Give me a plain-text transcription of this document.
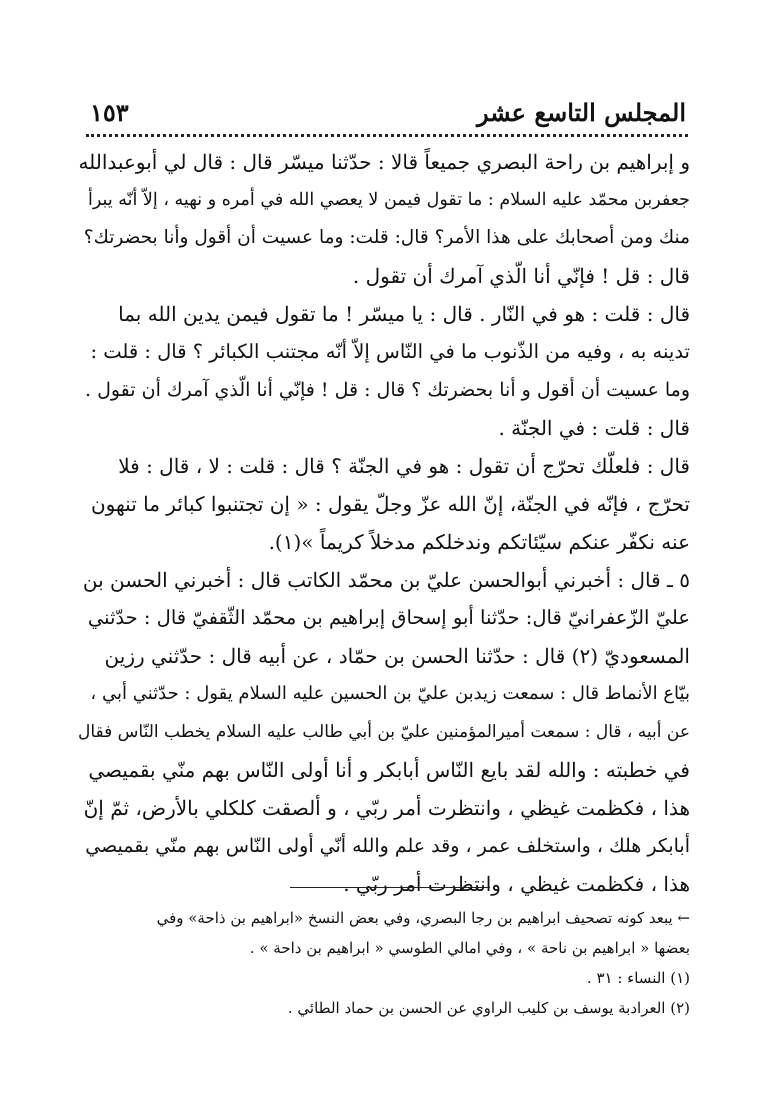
المجلس التاسع عشر
١٥٣
و إبراهيم بن راحة البصري جميعاً قالا : حدّثنا ميسّر قال : قال لي أبوعبدالله
جعفربن محمّد عليه السلام : ما تقول فيمن لا يعصي الله في أمره و نهيه ، إلاّ أنّه يبرأ
منك ومن أصحابك على هذا الأمر؟ قال: قلت: وما عسيت أن أقول وأنا بحضرتك؟
قال : قل ! فإنّي أنا الّذي آمرك أن تقول .
قال : قلت : هو في النّار . قال : يا ميسّر ! ما تقول فيمن يدين الله بما
تدينه به ، وفيه من الذّنوب ما في النّاس إلاّ أنّه مجتنب الكبائر ؟ قال : قلت :
وما عسيت أن أقول و أنا بحضرتك ؟ قال : قل ! فإنّي أنا الّذي آمرك أن تقول .
قال : قلت : في الجنّة .
قال : فلعلّك تحرّج أن تقول : هو في الجنّة ؟ قال : قلت : لا ، قال : فلا
تحرّج ، فإنّه في الجنّة، إنّ الله عزّ وجلّ يقول : « إن تجتنبوا كبائر ما تنهون
عنه نكفّر عنكم سيّئاتكم وندخلكم مدخلاً كريماً »(١).
٥ ـ قال : أخبرني أبوالحسن عليّ بن محمّد الكاتب قال : أخبرني الحسن بن
عليّ الزّعفرانيّ قال: حدّثنا أبو إسحاق إبراهيم بن محمّد الثّقفيّ قال : حدّثني
المسعوديّ (٢) قال : حدّثنا الحسن بن حمّاد ، عن أبيه قال : حدّثني رزين
بيّاع الأنماط قال : سمعت زيدبن عليّ بن الحسين عليه السلام يقول : حدّثني أبي ،
عن أبيه ، قال : سمعت أميرالمؤمنين عليّ بن أبي طالب عليه السلام يخطب النّاس فقال
في خطبته : والله لقد بايع النّاس أبابكر و أنا أولى النّاس بهم منّي بقميصي
هذا ، فكظمت غيظي ، وانتظرت أمر ربّي ، و ألصقت كلكلي بالأرض، ثمّ إنّ
أبابكر هلك ، واستخلف عمر ، وقد علم والله أنّي أولى النّاس بهم منّي بقميصي
هذا ، فكظمت غيظي ، وانتظرت أمر ربّي .
← يبعد كونه تصحيف ابراهيم بن رجا البصري، وفي بعض النسخ «ابراهيم بن ذاحة» وفي
بعضها « ابراهيم بن ناحة » ، وفي امالي الطوسي « ابراهيم بن داحة » .
(١) النساء : ٣١ .
(٢) العرادبة يوسف بن كليب الراوي عن الحسن بن حماد الطائي .
